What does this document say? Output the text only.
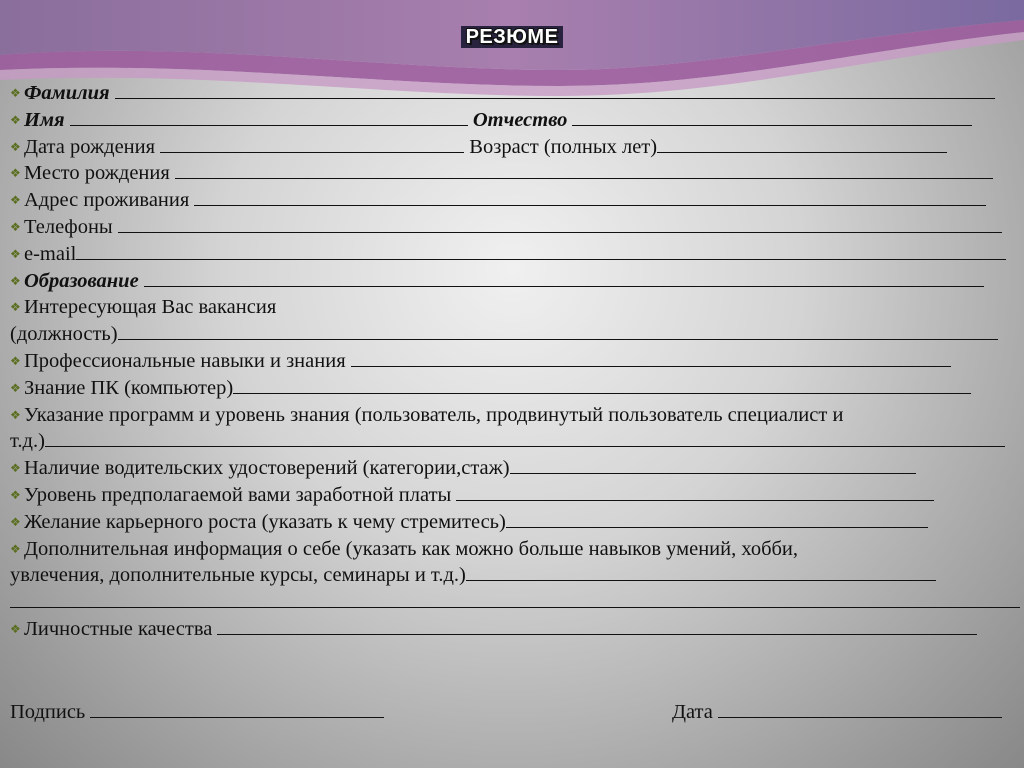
РЕЗЮМЕ
❖ Фамилия
❖ Имя	Отчество
❖ Дата рождения	Возраст (полных лет)
❖ Место рождения
❖ Адрес проживания
❖ Телефоны
❖ e-mail
❖ Образование
❖ Интересующая Вас вакансия
(должность)
❖ Профессиональные навыки и знания
❖ Знание ПК (компьютер)
❖ Указание программ и уровень знания (пользователь, продвинутый пользователь специалист и
т.д.)
❖ Наличие водительских удостоверений (категории,стаж)
❖ Уровень предполагаемой вами заработной платы
❖ Желание карьерного роста (указать к чему стремитесь)
❖ Дополнительная информация о себе (указать как можно больше навыков умений, хобби,
увлечения, дополнительные курсы, семинары и т.д.)
❖ Личностные качества
Подпись	Дата
